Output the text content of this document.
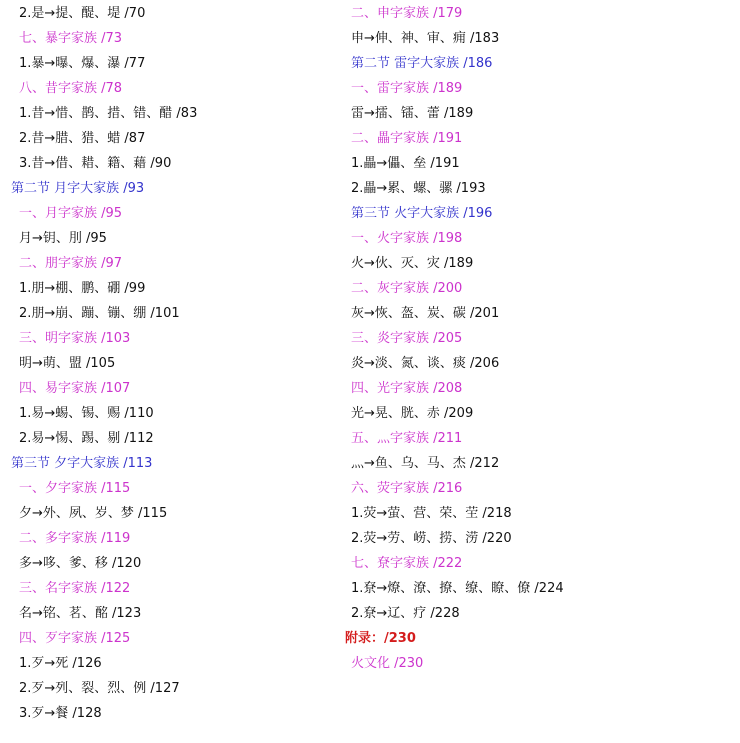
2.是→提、醍、堤 /70
七、暴字家族 /73
1.暴→曝、爆、瀑 /77
八、昔字家族 /78
1.昔→惜、鹊、措、错、醋 /83
2.昔→腊、猎、蜡 /87
3.昔→借、耤、籍、藉 /90
第二节 月字大家族 /93
一、月字家族 /95
月→钥、刖 /95
二、朋字家族 /97
1.朋→棚、鹏、硼 /99
2.朋→崩、蹦、镚、绷 /101
三、明字家族 /103
明→萌、盟 /105
四、易字家族 /107
1.易→蜴、锡、赐 /110
2.易→惕、踢、剔 /112
第三节 夕字大家族 /113
一、夕字家族 /115
夕→外、夙、岁、梦 /115
二、多字家族 /119
多→哆、爹、移 /120
三、名字家族 /122
名→铭、茗、酩 /123
四、歹字家族 /125
1.歹→死 /126
2.歹→列、裂、烈、例 /127
3.歹→餐 /128
二、申字家族 /179
申→伸、神、审、痈 /183
第二节 雷字大家族 /186
一、雷字家族 /189
雷→擂、镭、蕾 /189
二、畾字家族 /191
1.畾→儡、垒 /191
2.畾→累、螺、骡 /193
第三节 火字大家族 /196
一、火字家族 /198
火→伙、灭、灾 /189
二、灰字家族 /200
灰→恢、盔、炭、碳 /201
三、炎字家族 /205
炎→淡、氮、谈、痰 /206
四、光字家族 /208
光→晃、胱、赤 /209
五、灬字家族 /211
灬→鱼、乌、马、杰 /212
六、荧字家族 /216
1.荧→萤、营、荣、茔 /218
2.荧→劳、崂、捞、涝 /220
七、尞字家族 /222
1.尞→燎、潦、撩、缭、瞭、僚 /224
2.尞→辽、疗 /228
附录：/230
火文化 /230
